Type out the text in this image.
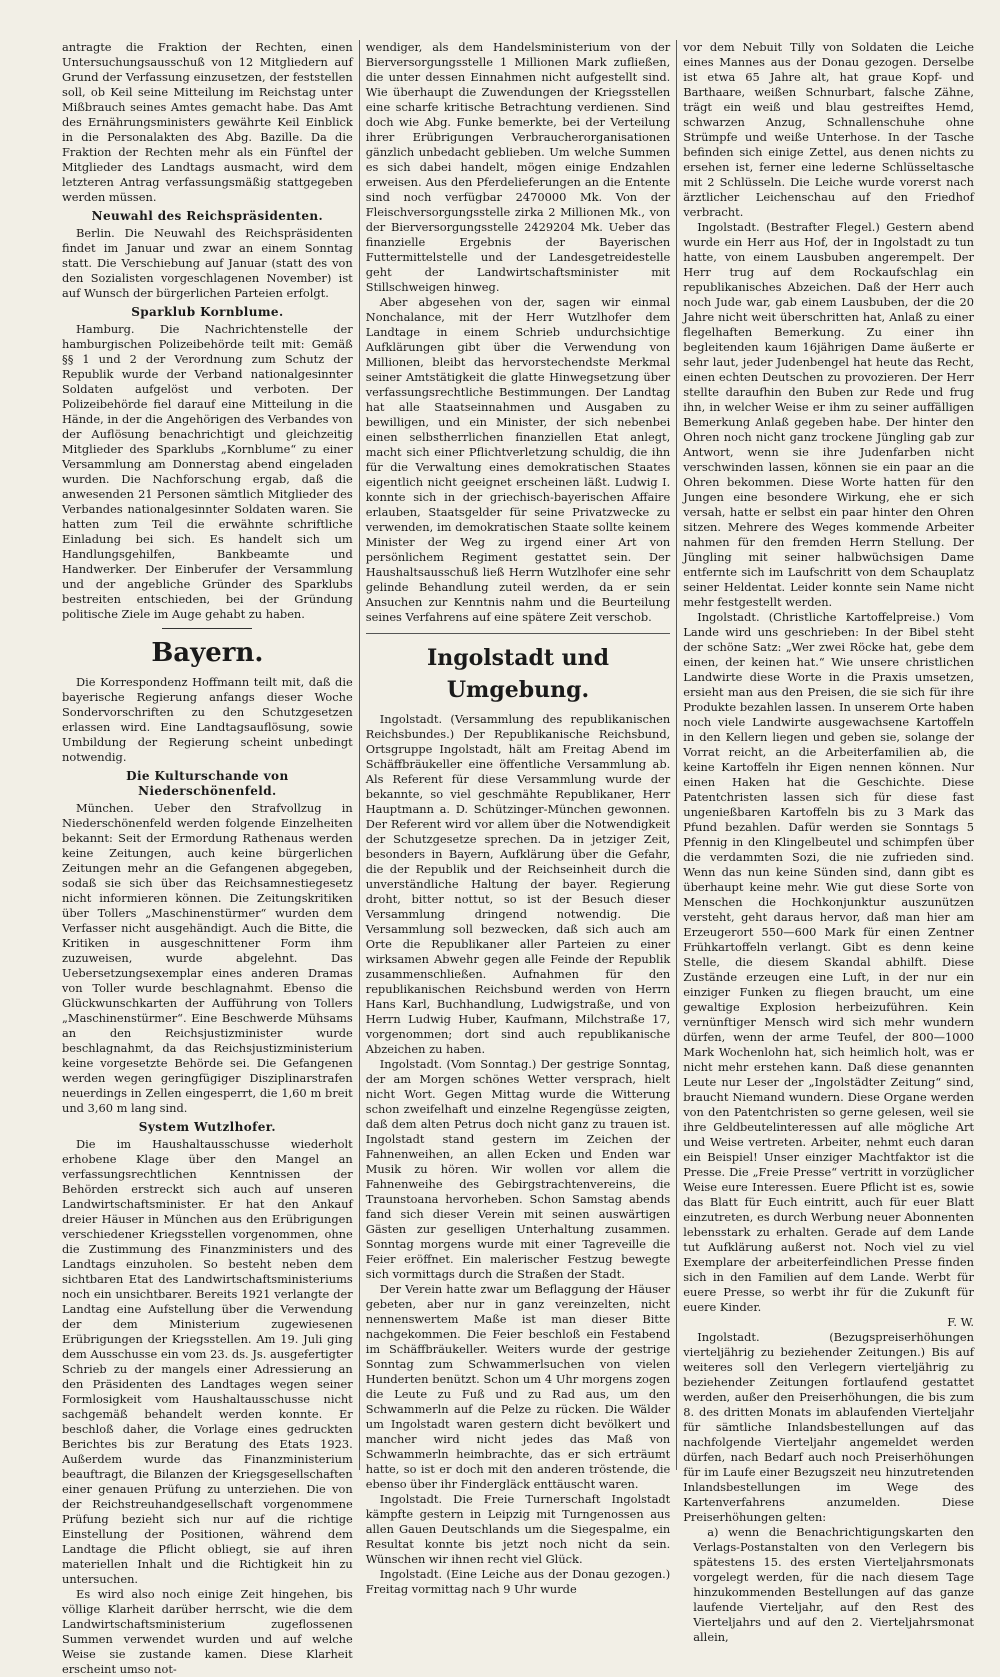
antragte die Fraktion der Rechten, einen Untersuchungsausschuß von 12 Mitgliedern auf Grund der Verfassung einzusetzen, der feststellen soll, ob Keil seine Mitteilung im Reichstag unter Mißbrauch seines Amtes gemacht habe. Das Amt des Ernährungsministers gewährte Keil Einblick in die Personalakten des Abg. Bazille. Da die Fraktion der Rechten mehr als ein Fünftel der Mitglieder des Landtags ausmacht, wird dem letzteren Antrag verfassungsmäßig stattgegeben werden müssen.

Neuwahl des Reichspräsidenten.

Berlin. Die Neuwahl des Reichspräsidenten findet im Januar und zwar an einem Sonntag statt. Die Verschiebung auf Januar (statt des von den Sozialisten vorgeschlagenen November) ist auf Wunsch der bürgerlichen Parteien erfolgt.

Sparklub Kornblume.

Hamburg. Die Nachrichtenstelle der hamburgischen Polizeibehörde teilt mit: Gemäß §§ 1 und 2 der Verordnung zum Schutz der Republik wurde der Verband nationalgesinnter Soldaten aufgelöst und verboten. Der Polizeibehörde fiel darauf eine Mitteilung in die Hände, in der die Angehörigen des Verbandes von der Auflösung benachrichtigt und gleichzeitig Mitglieder des Sparklubs „Kornblume“ zu einer Versammlung am Donnerstag abend eingeladen wurden. Die Nachforschung ergab, daß die anwesenden 21 Personen sämtlich Mitglieder des Verbandes nationalgesinnter Soldaten waren. Sie hatten zum Teil die erwähnte schriftliche Einladung bei sich. Es handelt sich um Handlungsgehilfen, Bankbeamte und Handwerker. Der Einberufer der Versammlung und der angebliche Gründer des Sparklubs bestreiten entschieden, bei der Gründung politische Ziele im Auge gehabt zu haben.

Bayern.

Die Korrespondenz Hoffmann teilt mit, daß die bayerische Regierung anfangs dieser Woche Sondervorschriften zu den Schutzgesetzen erlassen wird. Eine Landtagsauflösung, sowie Umbildung der Regierung scheint unbedingt notwendig.

Die Kulturschande von Niederschönenfeld.

München. Ueber den Strafvollzug in Niederschönenfeld werden folgende Einzelheiten bekannt: Seit der Ermordung Rathenaus werden keine Zeitungen, auch keine bürgerlichen Zeitungen mehr an die Gefangenen abgegeben, sodaß sie sich über das Reichsamnestiegesetz nicht informieren können. Die Zeitungskritiken über Tollers „Maschinenstürmer“ wurden dem Verfasser nicht ausgehändigt. Auch die Bitte, die Kritiken in ausgeschnittener Form ihm zuzuweisen, wurde abgelehnt. Das Uebersetzungsexemplar eines anderen Dramas von Toller wurde beschlagnahmt. Ebenso die Glückwunschkarten der Aufführung von Tollers „Maschinenstürmer“. Eine Beschwerde Mühsams an den Reichsjustizminister wurde beschlagnahmt, da das Reichsjustizministerium keine vorgesetzte Behörde sei. Die Gefangenen werden wegen geringfügiger Disziplinarstrafen neuerdings in Zellen eingesperrt, die 1,60 m breit und 3,60 m lang sind.

System Wutzlhofer.

Die im Haushaltausschusse wiederholt erhobene Klage über den Mangel an verfassungsrechtlichen Kenntnissen der Behörden erstreckt sich auch auf unseren Landwirtschaftsminister. Er hat den Ankauf dreier Häuser in München aus den Erübrigungen verschiedener Kriegsstellen vorgenommen, ohne die Zustimmung des Finanzministers und des Landtags einzuholen. So besteht neben dem sichtbaren Etat des Landwirtschaftsministeriums noch ein unsichtbarer. Bereits 1921 verlangte der Landtag eine Aufstellung über die Verwendung der dem Ministerium zugewiesenen Erübrigungen der Kriegsstellen. Am 19. Juli ging dem Ausschusse ein vom 23. ds. Js. ausgefertigter Schrieb zu der mangels einer Adressierung an den Präsidenten des Landtages wegen seiner Formlosigkeit vom Haushaltausschusse nicht sachgemäß behandelt werden konnte. Er beschloß daher, die Vorlage eines gedruckten Berichtes bis zur Beratung des Etats 1923. Außerdem wurde das Finanzministerium beauftragt, die Bilanzen der Kriegsgesellschaften einer genauen Prüfung zu unterziehen. Die von der Reichstreuhandgesellschaft vorgenommene Prüfung bezieht sich nur auf die richtige Einstellung der Positionen, während dem Landtage die Pflicht obliegt, sie auf ihren materiellen Inhalt und die Richtigkeit hin zu untersuchen.

Es wird also noch einige Zeit hingehen, bis völlige Klarheit darüber herrscht, wie die dem Landwirtschaftsministerium zugeflossenen Summen verwendet wurden und auf welche Weise sie zustande kamen. Diese Klarheit erscheint umso not-

wendiger, als dem Handelsministerium von der Bierversorgungsstelle 1 Millionen Mark zufließen, die unter dessen Einnahmen nicht aufgestellt sind. Wie überhaupt die Zuwendungen der Kriegsstellen eine scharfe kritische Betrachtung verdienen. Sind doch wie Abg. Funke bemerkte, bei der Verteilung ihrer Erübrigungen Verbraucherorganisationen gänzlich unbedacht geblieben. Um welche Summen es sich dabei handelt, mögen einige Endzahlen erweisen. Aus den Pferdelieferungen an die Entente sind noch verfügbar 2470000 Mk. Von der Fleischversorgungsstelle zirka 2 Millionen Mk., von der Bierversorgungsstelle 2429204 Mk. Ueber das finanzielle Ergebnis der Bayerischen Futtermittelstelle und der Landesgetreidestelle geht der Landwirtschaftsminister mit Stillschweigen hinweg.

Aber abgesehen von der, sagen wir einmal Nonchalance, mit der Herr Wutzlhofer dem Landtage in einem Schrieb undurchsichtige Aufklärungen gibt über die Verwendung von Millionen, bleibt das hervorstechendste Merkmal seiner Amtstätigkeit die glatte Hinwegsetzung über verfassungsrechtliche Bestimmungen. Der Landtag hat alle Staatseinnahmen und Ausgaben zu bewilligen, und ein Minister, der sich nebenbei einen selbstherrlichen finanziellen Etat anlegt, macht sich einer Pflichtverletzung schuldig, die ihn für die Verwaltung eines demokratischen Staates eigentlich nicht geeignet erscheinen läßt. Ludwig I. konnte sich in der griechisch-bayerischen Affaire erlauben, Staatsgelder für seine Privatzwecke zu verwenden, im demokratischen Staate sollte keinem Minister der Weg zu irgend einer Art von persönlichem Regiment gestattet sein. Der Haushaltsausschuß ließ Herrn Wutzlhofer eine sehr gelinde Behandlung zuteil werden, da er sein Ansuchen zur Kenntnis nahm und die Beurteilung seines Verfahrens auf eine spätere Zeit verschob.

Ingolstadt und Umgebung.

Ingolstadt. (Versammlung des republikanischen Reichsbundes.) Der Republikanische Reichsbund, Ortsgruppe Ingolstadt, hält am Freitag Abend im Schäffbräukeller eine öffentliche Versammlung ab. Als Referent für diese Versammlung wurde der bekannte, so viel geschmähte Republikaner, Herr Hauptmann a. D. Schützinger-München gewonnen. Der Referent wird vor allem über die Notwendigkeit der Schutzgesetze sprechen. Da in jetziger Zeit, besonders in Bayern, Aufklärung über die Gefahr, die der Republik und der Reichseinheit durch die unverständliche Haltung der bayer. Regierung droht, bitter nottut, so ist der Besuch dieser Versammlung dringend notwendig. Die Versammlung soll bezwecken, daß sich auch am Orte die Republikaner aller Parteien zu einer wirksamen Abwehr gegen alle Feinde der Republik zusammenschließen. Aufnahmen für den republikanischen Reichsbund werden von Herrn Hans Karl, Buchhandlung, Ludwigstraße, und von Herrn Ludwig Huber, Kaufmann, Milchstraße 17, vorgenommen; dort sind auch republikanische Abzeichen zu haben.

Ingolstadt. (Vom Sonntag.) Der gestrige Sonntag, der am Morgen schönes Wetter versprach, hielt nicht Wort. Gegen Mittag wurde die Witterung schon zweifelhaft und einzelne Regengüsse zeigten, daß dem alten Petrus doch nicht ganz zu trauen ist. Ingolstadt stand gestern im Zeichen der Fahnenweihen, an allen Ecken und Enden war Musik zu hören. Wir wollen vor allem die Fahnenweihe des Gebirgstrachtenvereins, die Traunstoana hervorheben. Schon Samstag abends fand sich dieser Verein mit seinen auswärtigen Gästen zur geselligen Unterhaltung zusammen. Sonntag morgens wurde mit einer Tagreveille die Feier eröffnet. Ein malerischer Festzug bewegte sich vormittags durch die Straßen der Stadt.

Der Verein hatte zwar um Beflaggung der Häuser gebeten, aber nur in ganz vereinzelten, nicht nennenswertem Maße ist man dieser Bitte nachgekommen. Die Feier beschloß ein Festabend im Schäffbräukeller. Weiters wurde der gestrige Sonntag zum Schwammerlsuchen von vielen Hunderten benützt. Schon um 4 Uhr morgens zogen die Leute zu Fuß und zu Rad aus, um den Schwammerln auf die Pelze zu rücken. Die Wälder um Ingolstadt waren gestern dicht bevölkert und mancher wird nicht jedes das Maß von Schwammerln heimbrachte, das er sich erträumt hatte, so ist er doch mit den anderen tröstende, die ebenso über ihr Findergläck enttäuscht waren.

Ingolstadt. Die Freie Turnerschaft Ingolstadt kämpfte gestern in Leipzig mit Turngenossen aus allen Gauen Deutschlands um die Siegespalme, ein Resultat konnte bis jetzt noch nicht da sein. Wünschen wir ihnen recht viel Glück.

Ingolstadt. (Eine Leiche aus der Donau gezogen.) Freitag vormittag nach 9 Uhr wurde

vor dem Nebuit Tilly von Soldaten die Leiche eines Mannes aus der Donau gezogen. Derselbe ist etwa 65 Jahre alt, hat graue Kopf- und Barthaare, weißen Schnurbart, falsche Zähne, trägt ein weiß und blau gestreiftes Hemd, schwarzen Anzug, Schnallenschuhe ohne Strümpfe und weiße Unterhose. In der Tasche befinden sich einige Zettel, aus denen nichts zu ersehen ist, ferner eine lederne Schlüsseltasche mit 2 Schlüsseln. Die Leiche wurde vorerst nach ärztlicher Leichenschau auf den Friedhof verbracht.

Ingolstadt. (Bestrafter Flegel.) Gestern abend wurde ein Herr aus Hof, der in Ingolstadt zu tun hatte, von einem Lausbuben angerempelt. Der Herr trug auf dem Rockaufschlag ein republikanisches Abzeichen. Daß der Herr auch noch Jude war, gab einem Lausbuben, der die 20 Jahre nicht weit überschritten hat, Anlaß zu einer flegelhaften Bemerkung. Zu einer ihn begleitenden kaum 16jährigen Dame äußerte er sehr laut, jeder Judenbengel hat heute das Recht, einen echten Deutschen zu provozieren. Der Herr stellte daraufhin den Buben zur Rede und frug ihn, in welcher Weise er ihm zu seiner auffälligen Bemerkung Anlaß gegeben habe. Der hinter den Ohren noch nicht ganz trockene Jüngling gab zur Antwort, wenn sie ihre Judenfarben nicht verschwinden lassen, können sie ein paar an die Ohren bekommen. Diese Worte hatten für den Jungen eine besondere Wirkung, ehe er sich versah, hatte er selbst ein paar hinter den Ohren sitzen. Mehrere des Weges kommende Arbeiter nahmen für den fremden Herrn Stellung. Der Jüngling mit seiner halbwüchsigen Dame entfernte sich im Laufschritt von dem Schauplatz seiner Heldentat. Leider konnte sein Name nicht mehr festgestellt werden.

Ingolstadt. (Christliche Kartoffelpreise.) Vom Lande wird uns geschrieben: In der Bibel steht der schöne Satz: „Wer zwei Röcke hat, gebe dem einen, der keinen hat.“ Wie unsere christlichen Landwirte diese Worte in die Praxis umsetzen, ersieht man aus den Preisen, die sie sich für ihre Produkte bezahlen lassen. In unserem Orte haben noch viele Landwirte ausgewachsene Kartoffeln in den Kellern liegen und geben sie, solange der Vorrat reicht, an die Arbeiterfamilien ab, die keine Kartoffeln ihr Eigen nennen können. Nur einen Haken hat die Geschichte. Diese Patentchristen lassen sich für diese fast ungenießbaren Kartoffeln bis zu 3 Mark das Pfund bezahlen. Dafür werden sie Sonntags 5 Pfennig in den Klingelbeutel und schimpfen über die verdammten Sozi, die nie zufrieden sind. Wenn das nun keine Sünden sind, dann gibt es überhaupt keine mehr. Wie gut diese Sorte von Menschen die Hochkonjunktur auszunützen versteht, geht daraus hervor, daß man hier am Erzeugerort 550—600 Mark für einen Zentner Frühkartoffeln verlangt. Gibt es denn keine Stelle, die diesem Skandal abhilft. Diese Zustände erzeugen eine Luft, in der nur ein einziger Funken zu fliegen braucht, um eine gewaltige Explosion herbeizuführen. Kein vernünftiger Mensch wird sich mehr wundern dürfen, wenn der arme Teufel, der 800—1000 Mark Wochenlohn hat, sich heimlich holt, was er nicht mehr erstehen kann. Daß diese genannten Leute nur Leser der „Ingolstädter Zeitung“ sind, braucht Niemand wundern. Diese Organe werden von den Patentchristen so gerne gelesen, weil sie ihre Geldbeutelinteressen auf alle mögliche Art und Weise vertreten. Arbeiter, nehmt euch daran ein Beispiel! Unser einziger Machtfaktor ist die Presse. Die „Freie Presse“ vertritt in vorzüglicher Weise eure Interessen. Euere Pflicht ist es, sowie das Blatt für Euch eintritt, auch für euer Blatt einzutreten, es durch Werbung neuer Abonnenten lebensstark zu erhalten. Gerade auf dem Lande tut Aufklärung außerst not. Noch viel zu viel Exemplare der arbeiterfeindlichen Presse finden sich in den Familien auf dem Lande. Werbt für euere Presse, so werbt ihr für die Zukunft für euere Kinder.

F. W.

Ingolstadt. (Bezugspreiserhöhungen vierteljährig zu beziehender Zeitungen.) Bis auf weiteres soll den Verlegern vierteljährig zu beziehender Zeitungen fortlaufend gestattet werden, außer den Preiserhöhungen, die bis zum 8. des dritten Monats im ablaufenden Vierteljahr für sämtliche Inlandsbestellungen auf das nachfolgende Vierteljahr angemeldet werden dürfen, nach Bedarf auch noch Preiserhöhungen für im Laufe einer Bezugszeit neu hinzutretenden Inlandsbestellungen im Wege des Kartenverfahrens anzumelden. Diese Preiserhöhungen gelten:

a) wenn die Benachrichtigungskarten den Verlags-Postanstalten von den Verlegern bis spätestens 15. des ersten Vierteljahrsmonats vorgelegt werden, für die nach diesem Tage hinzukommenden Bestellungen auf das ganze laufende Vierteljahr, auf den Rest des Vierteljahrs und auf den 2. Vierteljahrsmonat allein,
